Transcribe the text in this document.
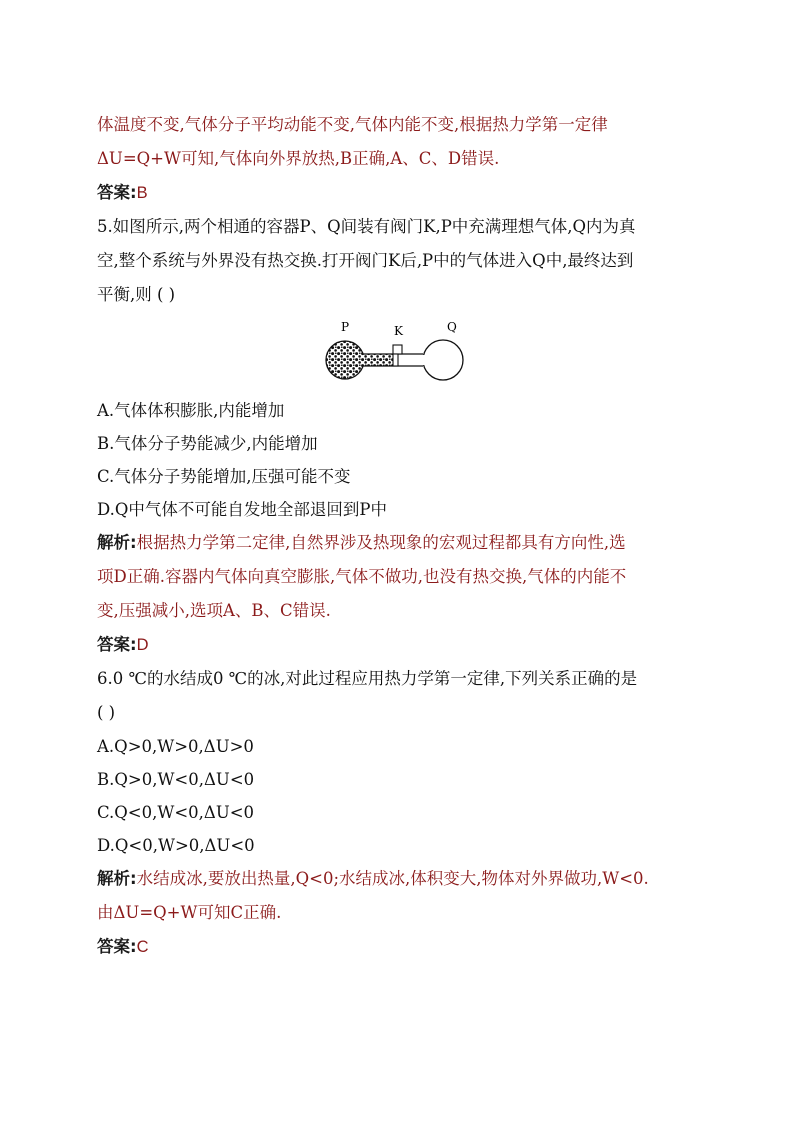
体温度不变,气体分子平均动能不变,气体内能不变,根据热力学第一定律
ΔU=Q+W可知,气体向外界放热,B正确,A、C、D错误.
答案:B
5.如图所示,两个相通的容器P、Q间装有阀门K,P中充满理想气体,Q内为真
空,整个系统与外界没有热交换.打开阀门K后,P中的气体进入Q中,最终达到
平衡,则 ( )
P	K	Q
A.气体体积膨胀,内能增加
B.气体分子势能减少,内能增加
C.气体分子势能增加,压强可能不变
D.Q中气体不可能自发地全部退回到P中
解析:根据热力学第二定律,自然界涉及热现象的宏观过程都具有方向性,选
项D正确.容器内气体向真空膨胀,气体不做功,也没有热交换,气体的内能不
变,压强减小,选项A、B、C错误.
答案:D
6.0 ℃的水结成0 ℃的冰,对此过程应用热力学第一定律,下列关系正确的是
( )
A.Q>0,W>0,ΔU>0
B.Q>0,W<0,ΔU<0
C.Q<0,W<0,ΔU<0
D.Q<0,W>0,ΔU<0
解析:水结成冰,要放出热量,Q<0;水结成冰,体积变大,物体对外界做功,W<0.
由ΔU=Q+W可知C正确.
答案:C
